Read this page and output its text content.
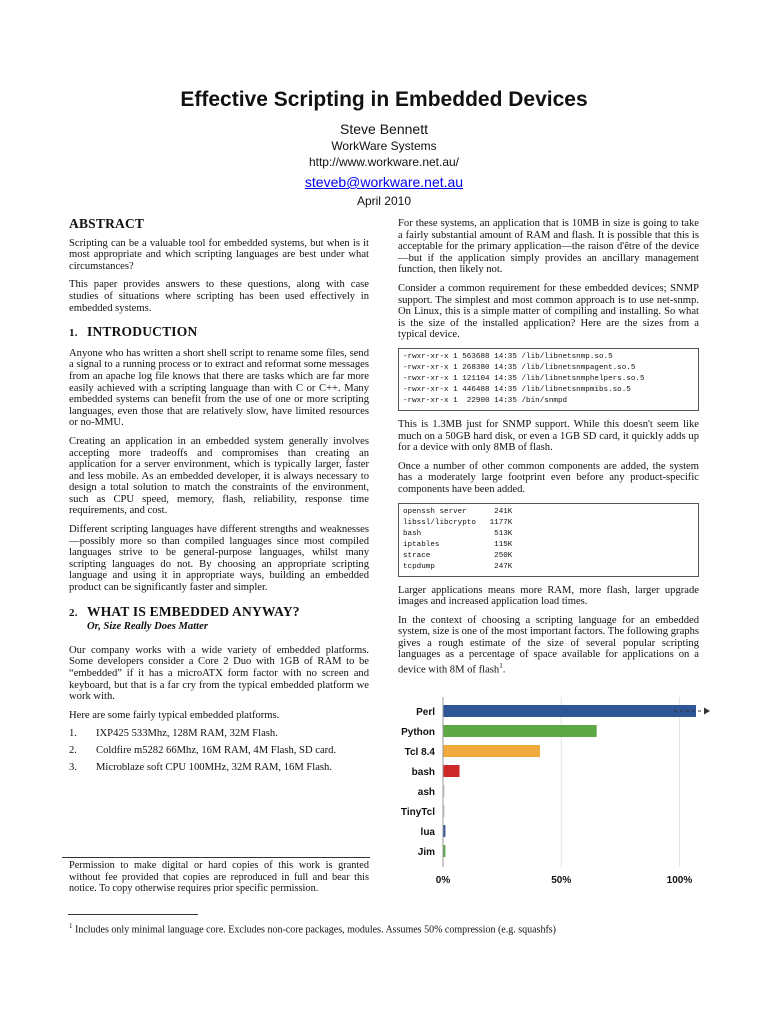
Effective Scripting in Embedded Devices
Steve Bennett
WorkWare Systems
http://www.workware.net.au/
steveb@workware.net.au
April 2010
ABSTRACT

Scripting can be a valuable tool for embedded systems, but when is it most appropriate and which scripting languages are best under what circumstances?

This paper provides answers to these questions, along with case studies of situations where scripting has been used effectively in embedded systems.

1. INTRODUCTION

Anyone who has written a short shell script to rename some files, send a signal to a running process or to extract and reformat some messages from an apache log file knows that there are tasks which are far more easily achieved with a scripting language than with C or C++. Many embedded systems can benefit from the use of one or more scripting languages, even those that are relatively slow, have limited resources or no-MMU.

Creating an application in an embedded system generally involves accepting more tradeoffs and compromises than creating an application for a server environment, which is typically larger, faster and less mobile. As an embedded developer, it is always necessary to design a total solution to match the constraints of the environment, such as CPU speed, memory, flash, reliability, response time requirements, and cost.

Different scripting languages have different strengths and weaknesses—possibly more so than compiled languages since most compiled languages strive to be general-purpose languages, whilst many scripting languages do not. By choosing an appropriate scripting language and using it in appropriate ways, building an embedded product can be significantly faster and simpler.

2. WHAT IS EMBEDDED ANYWAY?
Or, Size Really Does Matter

Our company works with a wide variety of embedded platforms. Some developers consider a Core 2 Duo with 1GB of RAM to be “embedded” if it has a microATX form factor with no screen and keyboard, but that is a far cry from the typical embedded platform we work with.

Here are some fairly typical embedded platforms.

1.	IXP425 533Mhz, 128M RAM, 32M Flash.
2.	Coldfire m5282 66Mhz, 16M RAM, 4M Flash, SD card.
3.	Microblaze soft CPU 100MHz, 32M RAM, 16M Flash.
Permission to make digital or hard copies of this work is granted without fee provided that copies are reproduced in full and bear this notice. To copy otherwise requires prior specific permission.

For these systems, an application that is 10MB in size is going to take a fairly substantial amount of RAM and flash. It is possible that this is acceptable for the primary application—the raison d'être of the device—but if the application simply provides an ancillary management function, then likely not.

Consider a common requirement for these embedded devices; SNMP support. The simplest and most common approach is to use net-snmp. On Linux, this is a simple matter of compiling and installing. So what is the size of the installed application? Here are the sizes from a typical device.

-rwxr-xr-x 1 563688 14:35 /lib/libnetsnmp.so.5
-rwxr-xr-x 1 268380 14:35 /lib/libnetsnmpagent.so.5
-rwxr-xr-x 1 121104 14:35 /lib/libnetsnmphelpers.so.5
-rwxr-xr-x 1 446488 14:35 /lib/libnetsnmpmibs.so.5
-rwxr-xr-x 1  22900 14:35 /bin/snmpd

This is 1.3MB just for SNMP support. While this doesn't seem like much on a 50GB hard disk, or even a 1GB SD card, it quickly adds up for a device with only 8MB of flash.

Once a number of other common components are added, the system has a moderately large footprint even before any product-specific components have been added.

openssh server      241K
libssl/libcrypto   1177K
bash                513K
iptables            115K
strace              250K
tcpdump             247K

Larger applications means more RAM, more flash, larger upgrade images and increased application load times.

In the context of choosing a scripting language for an embedded system, size is one of the most important factors. The following graphs gives a rough estimate of the size of several popular scripting languages as a percentage of space available for applications on a device with 8M of flash$^1$.

Perl
Python
Tcl 8.4
bash
ash
TinyTcl
lua
Jim
0%	50%	100%
$^1$ Includes only minimal language core. Excludes non-core packages, modules. Assumes 50% compression (e.g. squashfs)
